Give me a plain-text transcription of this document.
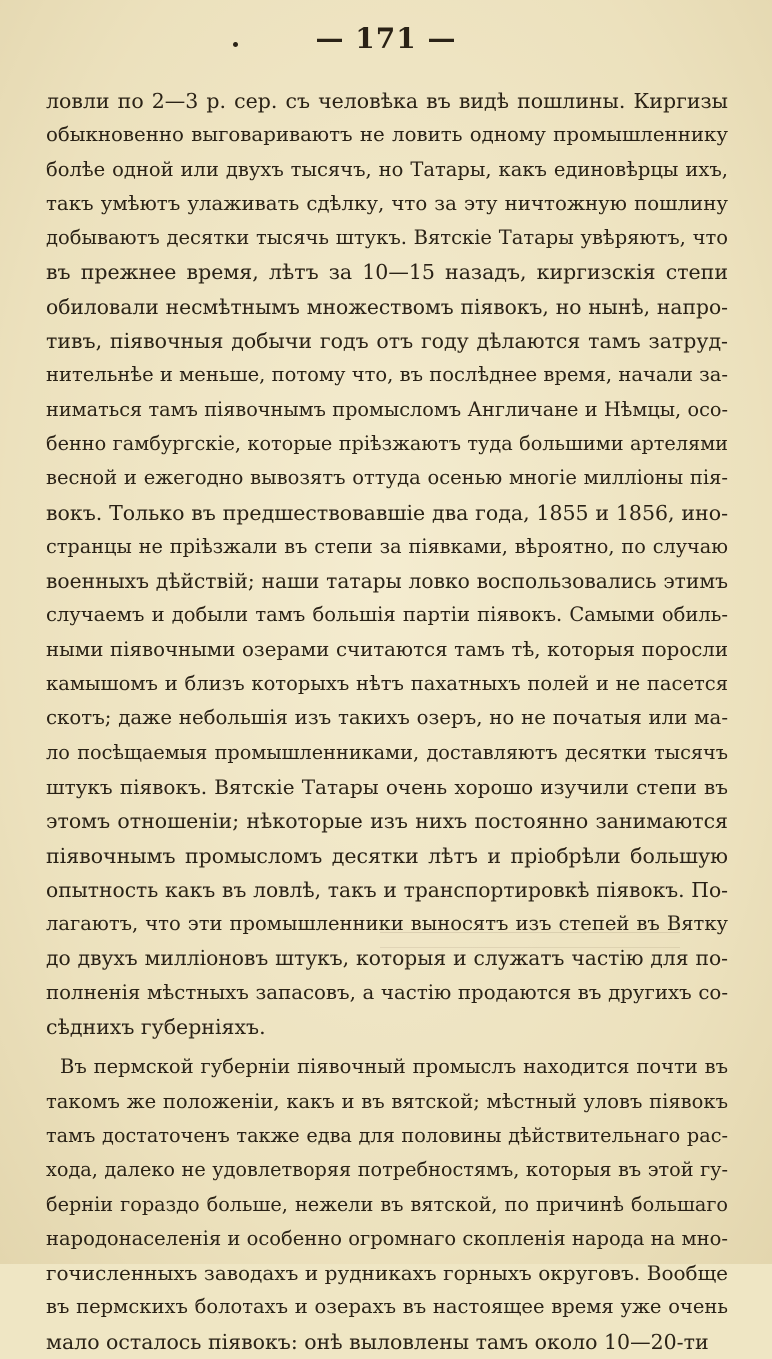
— 171 —
ловли по 2—3 р. сер. съ человѣка въ видѣ пошлины. Киргизы
обыкновенно выговариваютъ не ловить одному промышленнику
болѣе одной или двухъ тысячъ, но Татары, какъ единовѣрцы ихъ,
такъ умѣютъ улаживать сдѣлку, что за эту ничтожную пошлину
добываютъ десятки тысячь штукъ. Вятскiе Татары увѣряютъ, что
въ прежнее время, лѣтъ за 10—15 назадъ, киргизскiя степи
обиловали несмѣтнымъ множествомъ пiявокъ, но нынѣ, напро-
тивъ, пiявочныя добычи годъ отъ году дѣлаются тамъ затруд-
нительнѣе и меньше, потому что, въ послѣднее время, начали за-
ниматься тамъ пiявочнымъ промысломъ Англичане и Нѣмцы, осо-
бенно гамбургскiе, которые прiѣзжаютъ туда большими артелями
весной и ежегодно вывозятъ оттуда осенью многiе миллiоны пiя-
вокъ. Только въ предшествовавшiе два года, 1855 и 1856, ино-
странцы не прiѣзжали въ степи за пiявками, вѣроятно, по случаю
военныхъ дѣйствiй; наши татары ловко воспользовались этимъ
случаемъ и добыли тамъ большiя партiи пiявокъ. Самыми обиль-
ными пiявочными озерами считаются тамъ тѣ, которыя поросли
камышомъ и близъ которыхъ нѣтъ пахатныхъ полей и не пасется
скотъ; даже небольшiя изъ такихъ озеръ, но не початыя или ма-
ло посѣщаемыя промышленниками, доставляютъ десятки тысячъ
штукъ пiявокъ. Вятскiе Татары очень хорошо изучили степи въ
этомъ отношенiи; нѣкоторые изъ нихъ постоянно занимаются
пiявочнымъ промысломъ десятки лѣтъ и прiобрѣли большую
опытность какъ въ ловлѣ, такъ и транспортировкѣ пiявокъ. По-
лагаютъ, что эти промышленники выносятъ изъ степей въ Вятку
до двухъ миллiоновъ штукъ, которыя и служатъ частiю для по-
полненiя мѣстныхъ запасовъ, а частiю продаются въ другихъ со-
сѣднихъ губернiяхъ.
Въ пермской губернiи пiявочный промыслъ находится почти въ
такомъ же положенiи, какъ и въ вятской; мѣстный уловъ пiявокъ
тамъ достаточенъ также едва для половины дѣйствительнаго рас-
хода, далеко не удовлетворяя потребностямъ, которыя въ этой гу-
бернiи гораздо больше, нежели въ вятской, по причинѣ большаго
народонаселенiя и особенно огромнаго скопленiя народа на мно-
гочисленныхъ заводахъ и рудникахъ горныхъ округовъ. Вообще
въ пермскихъ болотахъ и озерахъ въ настоящее время уже очень
мало осталось пiявокъ: онѣ выловлены тамъ около 10—20-ти
